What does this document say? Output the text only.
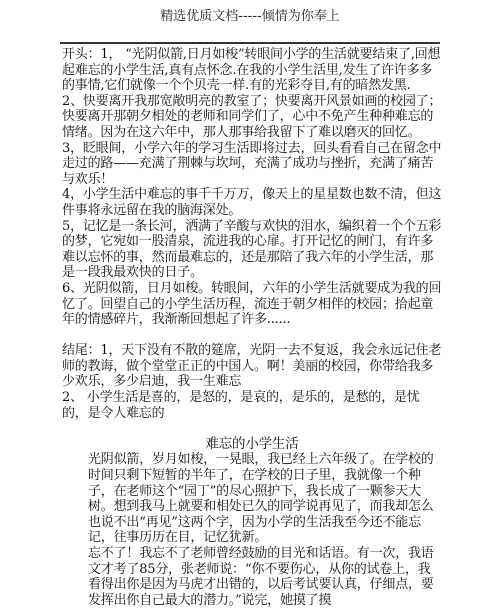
精选优质文档-----倾情为你奉上

开头：1， “光阴似箭,日月如梭”转眼间小学的生活就要结束了,回想起难忘的小学生活,真有点怀念.在我的小学生活里,发生了许许多多的事情,它们就像一个个贝壳一样.有的光彩夺目,有的暗然发黑.

2、快要离开我那宽敞明亮的教室了；快要离开风景如画的校园了；快要离开那朝夕相处的老师和同学们了，心中不免产生种种难忘的情绪。因为在这六年中，那人那事给我留下了难以磨灭的回忆。

3，眨眼间，小学六年的学习生活即将过去，回头看看自己在留念中走过的路——充满了荆棘与坎坷，充满了成功与挫折，充满了痛苦与欢乐！

4，小学生活中难忘的事千千万万，像天上的星星数也数不清，但这件事将永远留在我的脑海深处。

5，记忆是一条长河，洒满了辛酸与欢快的泪水，编织着一个个五彩的梦，它宛如一股清泉，流进我的心扉。打开记忆的闸门，有许多难以忘怀的事，然而最难忘的，还是那陪了我六年的小学生活，那是一段我最欢快的日子。

6、光阴似箭，日月如梭。转眼间，六年的小学生活就要成为我的回忆了。回望自己的小学生活历程，流连于朝夕相伴的校园；拾起童年的情感碎片，我渐渐回想起了许多......

结尾：1，天下没有不散的筵席，光阴一去不复返，我会永远记住老师的教诲，做个堂堂正正的中国人。啊！美丽的校园，你带给我多少欢乐，多少启迪，我一生难忘

2、 小学生活是喜的，是怒的，是哀的，是乐的，是愁的，是忧的，是令人难忘的

难忘的小学生活

光阴似箭，岁月如梭，一晃眼，我已经上六年级了。在学校的时间只剩下短暂的半年了，在学校的日子里，我就像一个种子，在老师这个“园丁”的尽心照护下，我长成了一颗参天大树。想到我马上就要和相处已久的同学说再见了，而我却怎么也说不出“再见”这两个字，因为小学的生活我至今还不能忘记，往事历历在目，记忆犹新。

忘不了！我忘不了老师曾经鼓励的目光和话语。有一次，我语文才考了85分，张老师说：“你不要伤心，从你的试卷上，我看得出你是因为马虎才出错的，以后考试要认真，仔细点，要发挥出你自己最大的潜力。”说完，她摸了摸
